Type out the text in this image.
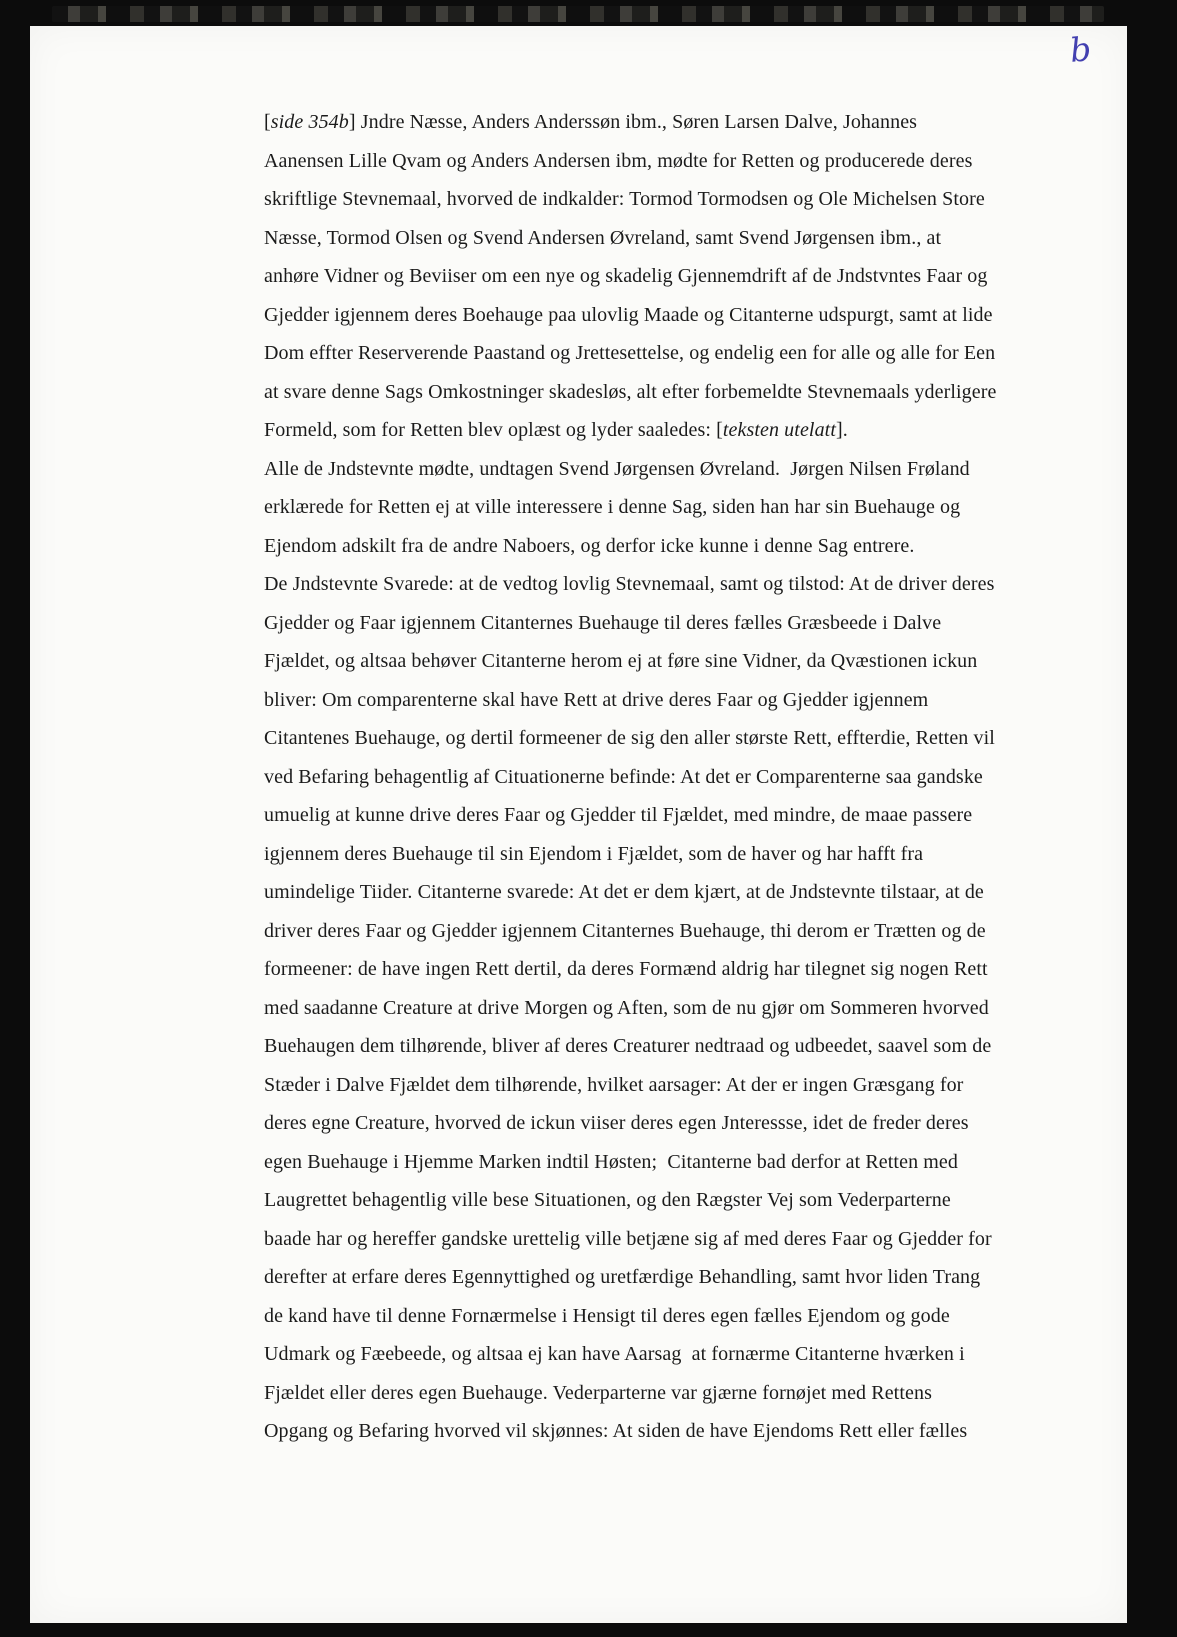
b
[side 354b] Jndre Næsse, Anders Anderssøn ibm., Søren Larsen Dalve, Johannes
Aanensen Lille Qvam og Anders Andersen ibm, mødte for Retten og producerede deres
skriftlige Stevnemaal, hvorved de indkalder: Tormod Tormodsen og Ole Michelsen Store
Næsse, Tormod Olsen og Svend Andersen Øvreland, samt Svend Jørgensen ibm., at
anhøre Vidner og Beviiser om een nye og skadelig Gjennemdrift af de Jndstvntes Faar og
Gjedder igjennem deres Boehauge paa ulovlig Maade og Citanterne udspurgt, samt at lide
Dom effter Reserverende Paastand og Jrettesettelse, og endelig een for alle og alle for Een
at svare denne Sags Omkostninger skadesløs, alt efter forbemeldte Stevnemaals yderligere
Formeld, som for Retten blev oplæst og lyder saaledes: [teksten utelatt].
Alle de Jndstevnte mødte, undtagen Svend Jørgensen Øvreland.  Jørgen Nilsen Frøland
erklærede for Retten ej at ville interessere i denne Sag, siden han har sin Buehauge og
Ejendom adskilt fra de andre Naboers, og derfor icke kunne i denne Sag entrere.
De Jndstevnte Svarede: at de vedtog lovlig Stevnemaal, samt og tilstod: At de driver deres
Gjedder og Faar igjennem Citanternes Buehauge til deres fælles Græsbeede i Dalve
Fjældet, og altsaa behøver Citanterne herom ej at føre sine Vidner, da Qvæstionen ickun
bliver: Om comparenterne skal have Rett at drive deres Faar og Gjedder igjennem
Citantenes Buehauge, og dertil formeener de sig den aller største Rett, effterdie, Retten vil
ved Befaring behagentlig af Cituationerne befinde: At det er Comparenterne saa gandske
umuelig at kunne drive deres Faar og Gjedder til Fjældet, med mindre, de maae passere
igjennem deres Buehauge til sin Ejendom i Fjældet, som de haver og har hafft fra
umindelige Tiider. Citanterne svarede: At det er dem kjært, at de Jndstevnte tilstaar, at de
driver deres Faar og Gjedder igjennem Citanternes Buehauge, thi derom er Trætten og de
formeener: de have ingen Rett dertil, da deres Formænd aldrig har tilegnet sig nogen Rett
med saadanne Creature at drive Morgen og Aften, som de nu gjør om Sommeren hvorved
Buehaugen dem tilhørende, bliver af deres Creaturer nedtraad og udbeedet, saavel som de
Stæder i Dalve Fjældet dem tilhørende, hvilket aarsager: At der er ingen Græsgang for
deres egne Creature, hvorved de ickun viiser deres egen Jnteressse, idet de freder deres
egen Buehauge i Hjemme Marken indtil Høsten;  Citanterne bad derfor at Retten med
Laugrettet behagentlig ville bese Situationen, og den Rægster Vej som Vederparterne
baade har og hereffer gandske urettelig ville betjæne sig af med deres Faar og Gjedder for
derefter at erfare deres Egennyttighed og uretfærdige Behandling, samt hvor liden Trang
de kand have til denne Fornærmelse i Hensigt til deres egen fælles Ejendom og gode
Udmark og Fæebeede, og altsaa ej kan have Aarsag  at fornærme Citanterne hværken i
Fjældet eller deres egen Buehauge. Vederparterne var gjærne fornøjet med Rettens
Opgang og Befaring hvorved vil skjønnes: At siden de have Ejendoms Rett eller fælles
